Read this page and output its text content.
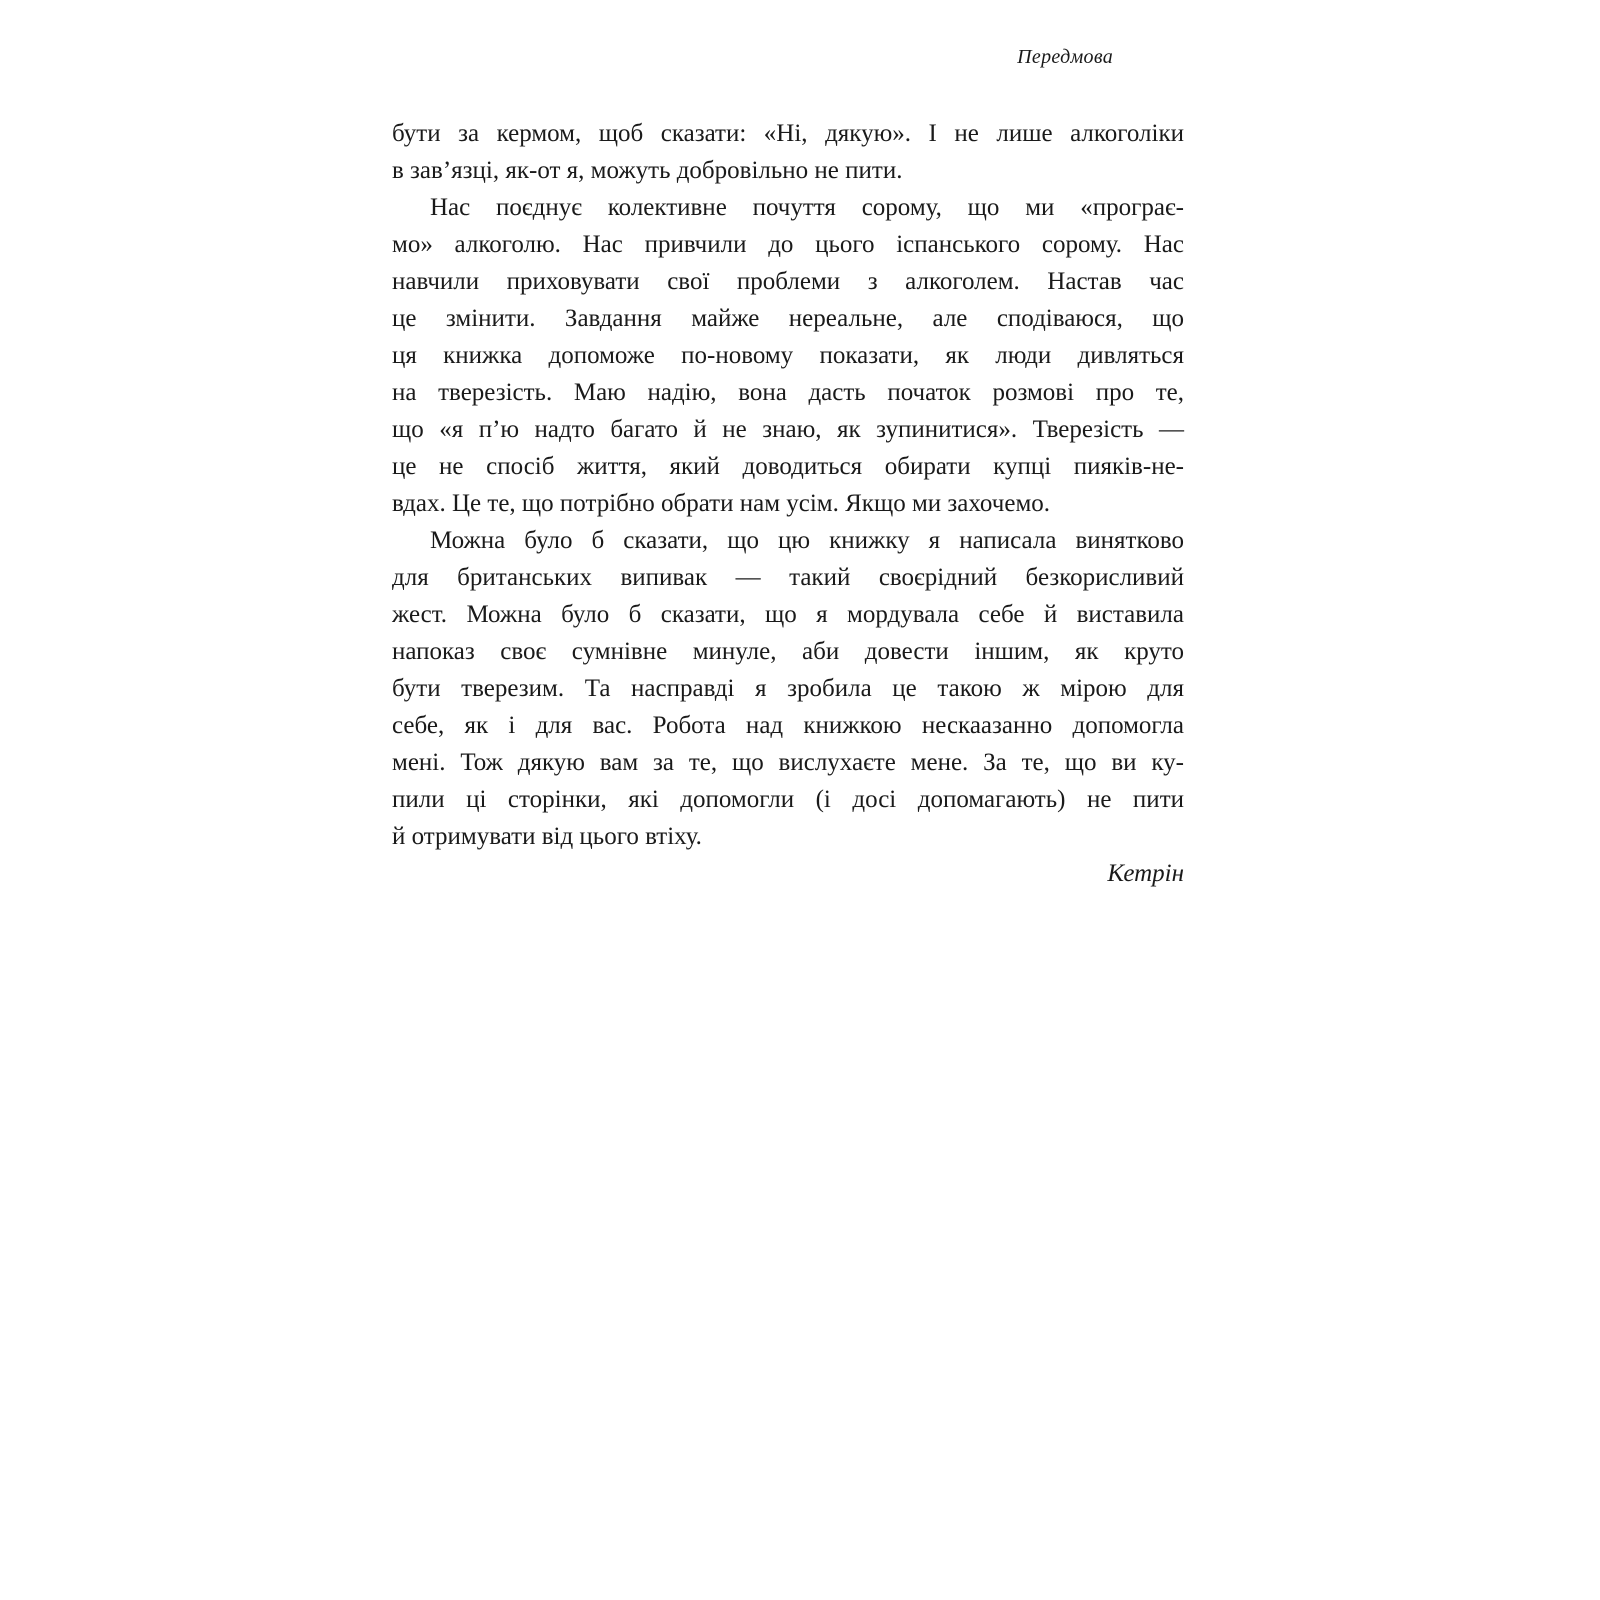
Передмова
бути за кермом, щоб сказати: «Ні, дякую». І не лише алкоголіки
в зав’язці, як-от я, можуть добровільно не пити.
Нас поєднує колективне почуття сорому, що ми «програє-
мо» алкоголю. Нас привчили до цього іспанського сорому. Нас
навчили приховувати свої проблеми з алкоголем. Настав час
це змінити. Завдання майже нереальне, але сподіваюся, що
ця книжка допоможе по-новому показати, як люди дивляться
на тверезість. Маю надію, вона дасть початок розмові про те,
що «я п’ю надто багато й не знаю, як зупинитися». Тверезість —
це не спосіб життя, який доводиться обирати купці пияків-не-
вдах. Це те, що потрібно обрати нам усім. Якщо ми захочемо.
Можна було б сказати, що цю книжку я написала винятково
для британських випивак — такий своєрідний безкорисливий
жест. Можна було б сказати, що я мордувала себе й виставила
напоказ своє сумнівне минуле, аби довести іншим, як круто
бути тверезим. Та насправді я зробила це такою ж мірою для
себе, як і для вас. Робота над книжкою нескаазанно допомогла
мені. Тож дякую вам за те, що вислухаєте мене. За те, що ви ку-
пили ці сторінки, які допомогли (і досі допомагають) не пити
й отримувати від цього втіху.
Кетрін
